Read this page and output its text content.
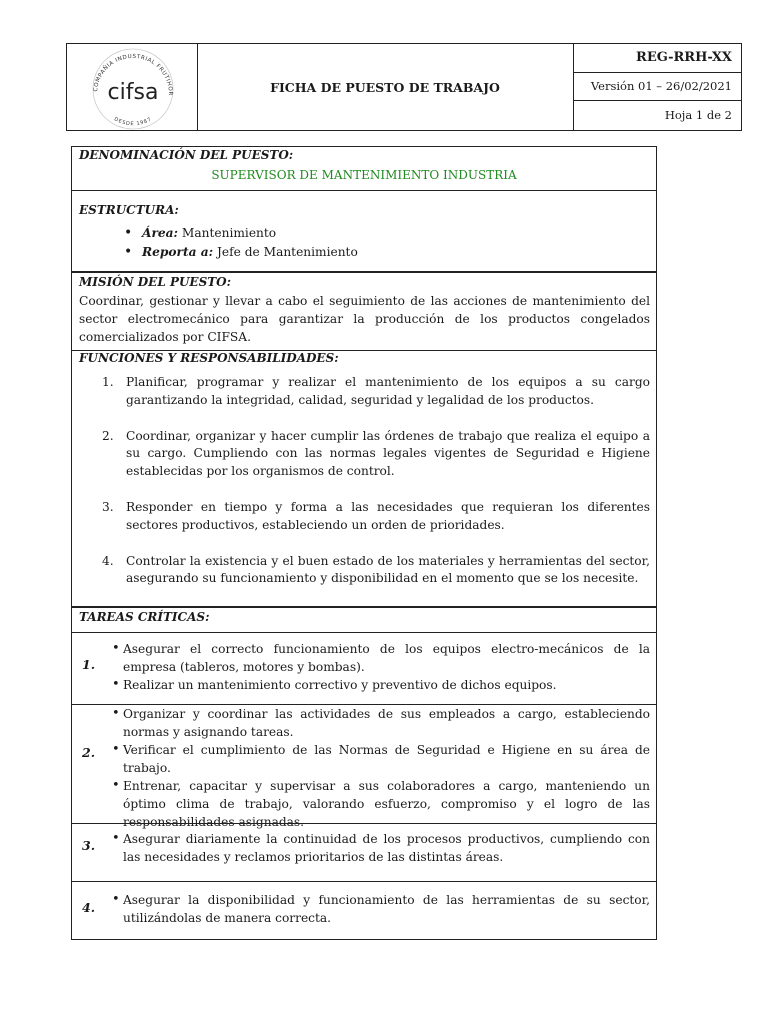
COMPAÑIA INDUSTRIAL FRUTIHOR
DESDE 1987
cifsa	FICHA DE PUESTO DE TRABAJO
REG-RRH-XX
Versión 01 – 26/02/2021
Hoja 1 de 2
DENOMINACIÓN DEL PUESTO:
SUPERVISOR DE MANTENIMIENTO INDUSTRIA
ESTRUCTURA:
• Área: Mantenimiento
• Reporta a: Jefe de Mantenimiento
MISIÓN DEL PUESTO:
Coordinar, gestionar y llevar a cabo el seguimiento de las acciones de mantenimiento del sector electromecánico para garantizar la producción de los productos congelados comercializados por CIFSA.
FUNCIONES Y RESPONSABILIDADES:
1. Planificar, programar y realizar el mantenimiento de los equipos a su cargo garantizando la integridad, calidad, seguridad y legalidad de los productos.
2. Coordinar, organizar y hacer cumplir las órdenes de trabajo que realiza el equipo a su cargo. Cumpliendo con las normas legales vigentes de Seguridad e Higiene establecidas por los organismos de control.
3. Responder en tiempo y forma a las necesidades que requieran los diferentes sectores productivos, estableciendo un orden de prioridades.
4. Controlar la existencia y el buen estado de los materiales y herramientas del sector, asegurando su funcionamiento y disponibilidad en el momento que se los necesite.
TAREAS CRÍTICAS:
1.
• Asegurar el correcto funcionamiento de los equipos electro-mecánicos de la empresa (tableros, motores y bombas).
• Realizar un mantenimiento correctivo y preventivo de dichos equipos.
2.
• Organizar y coordinar las actividades de sus empleados a cargo, estableciendo normas y asignando tareas.
• Verificar el cumplimiento de las Normas de Seguridad e Higiene en su área de trabajo.
• Entrenar, capacitar y supervisar a sus colaboradores a cargo, manteniendo un óptimo clima de trabajo, valorando esfuerzo, compromiso y el logro de las responsabilidades asignadas.
3.	• Asegurar diariamente la continuidad de los procesos productivos, cumpliendo con las necesidades y reclamos prioritarios de las distintas áreas.
4.	• Asegurar la disponibilidad y funcionamiento de las herramientas de su sector, utilizándolas de manera correcta.
